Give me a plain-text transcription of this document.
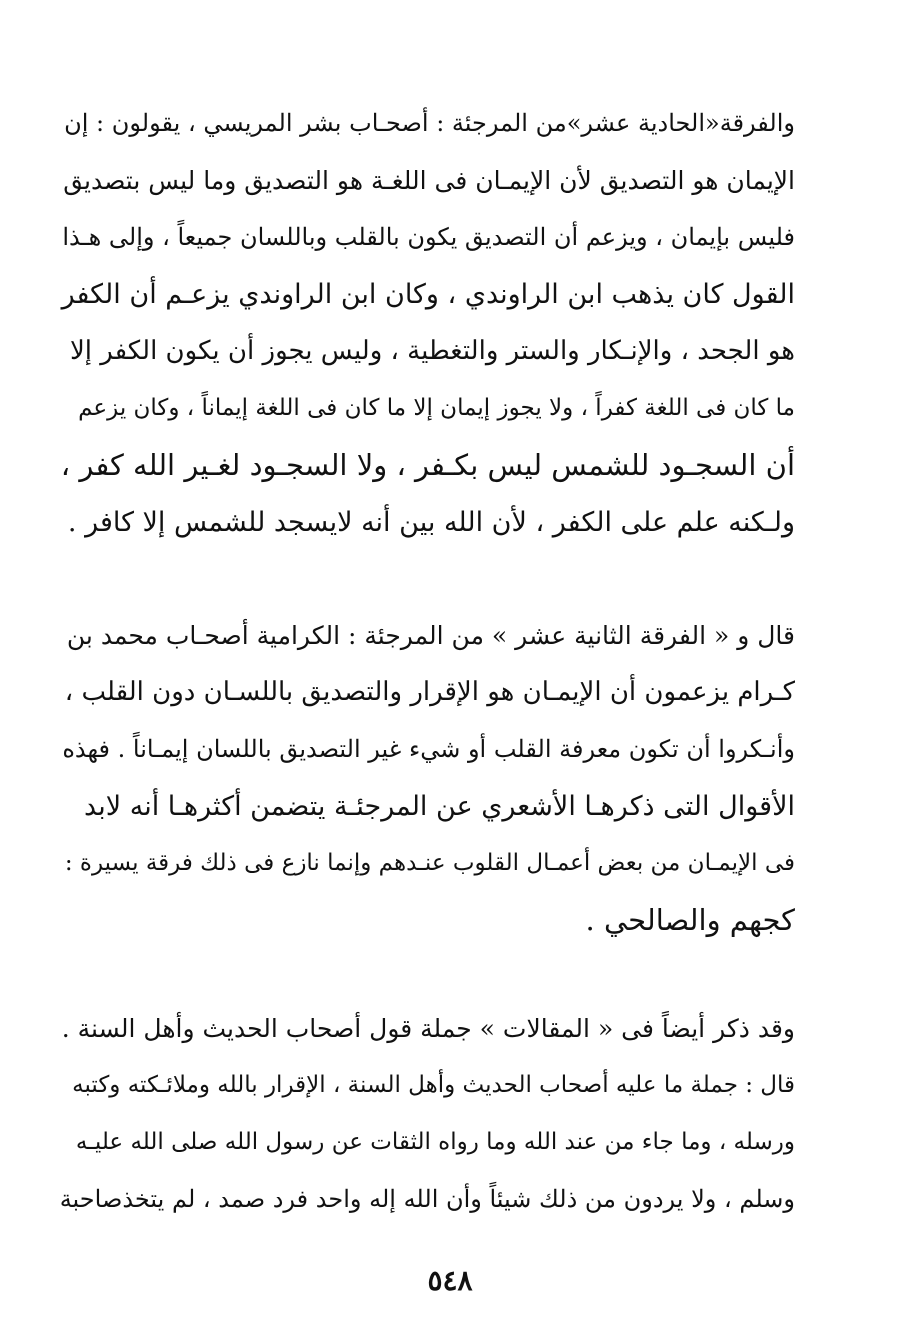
والفرقة«الحادية عشر»من المرجئة : أصحـاب بشر المريسي ، يقولون : إن
الإيمان هو التصديق لأن الإيمـان فى اللغـة هو التصديق وما ليس بتصديق
فليس بإيمان ، ويزعم أن التصديق يكون بالقلب وباللسان جميعاً ، وإلى هـذا
القول كان يذهب ابن الراوندي ، وكان ابن الراوندي يزعـم أن الكفر
هو الجحد ، والإنـكار والستر والتغطية ، وليس يجوز أن يكون الكفر إلا
ما كان فى اللغة كفراً ، ولا يجوز إيمان إلا ما كان فى اللغة إيماناً ، وكان يزعم
أن السجـود للشمس ليس بكـفر ، ولا السجـود لغـير الله كفر ،
ولـكنه علم على الكفر ، لأن الله بين أنه لايسجد للشمس إلا كافر .
قال و « الفرقة الثانية عشر » من المرجئة : الكرامية أصحـاب محمد بن
كـرام يزعمون أن الإيمـان هو الإقرار والتصديق باللسـان دون القلب ،
وأنـكروا أن تكون معرفة القلب أو شيء غير التصديق باللسان إيمـاناً . فهذه
الأقوال التى ذكرهـا الأشعري عن المرجئـة يتضمن أكثرهـا أنه لابد
فى الإيمـان من بعض أعمـال القلوب عنـدهم وإنما نازع فى ذلك فرقة يسيرة :
كجهم والصالحي .
وقد ذكر أيضاً فى « المقالات » جملة قول أصحاب الحديث وأهل السنة .
قال : جملة ما عليه أصحاب الحديث وأهل السنة ، الإقرار بالله وملائـكته وكتبه
ورسله ، وما جاء من عند الله وما رواه الثقات عن رسول الله صلى الله عليـه
وسلم ، ولا يردون من ذلك شيئاً وأن الله إله واحد فرد صمد ، لم يتخذصاحبة
٥٤٨
